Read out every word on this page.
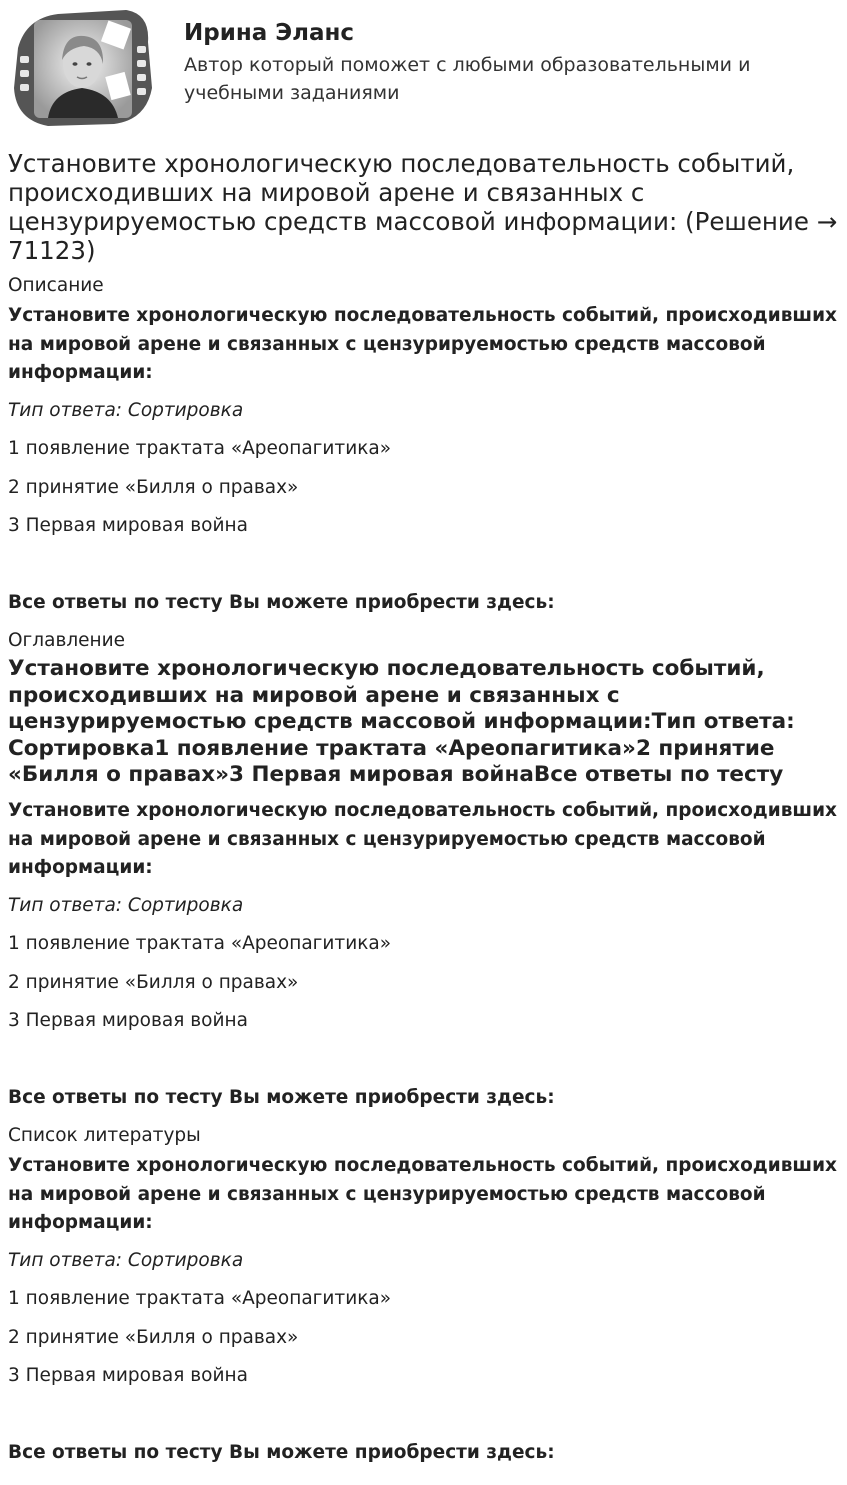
Ирина Эланс
Автор который поможет с любыми образовательными и учебными заданиями
Установите хронологическую последовательность событий, происходивших на мировой арене и связанных с цензурируемостью средств массовой информации: (Решение → 71123)

Описание

Установите хронологическую последовательность событий, происходивших на мировой арене и связанных с цензурируемостью средств массовой информации:

Тип ответа: Сортировка

1 появление трактата «Ареопагитика»

2 принятие «Билля о правах»

3 Первая мировая война

Все ответы по тесту Вы можете приобрести здесь:

Оглавление

Установите хронологическую последовательность событий, происходивших на мировой арене и связанных с цензурируемостью средств массовой информации:Тип ответа: Сортировка1 появление трактата «Ареопагитика»2 принятие «Билля о правах»3 Первая мировая войнаВсе ответы по тесту

Установите хронологическую последовательность событий, происходивших на мировой арене и связанных с цензурируемостью средств массовой информации:

Тип ответа: Сортировка

1 появление трактата «Ареопагитика»

2 принятие «Билля о правах»

3 Первая мировая война

Все ответы по тесту Вы можете приобрести здесь:

Список литературы

Установите хронологическую последовательность событий, происходивших на мировой арене и связанных с цензурируемостью средств массовой информации:

Тип ответа: Сортировка

1 появление трактата «Ареопагитика»

2 принятие «Билля о правах»

3 Первая мировая война

Все ответы по тесту Вы можете приобрести здесь:
